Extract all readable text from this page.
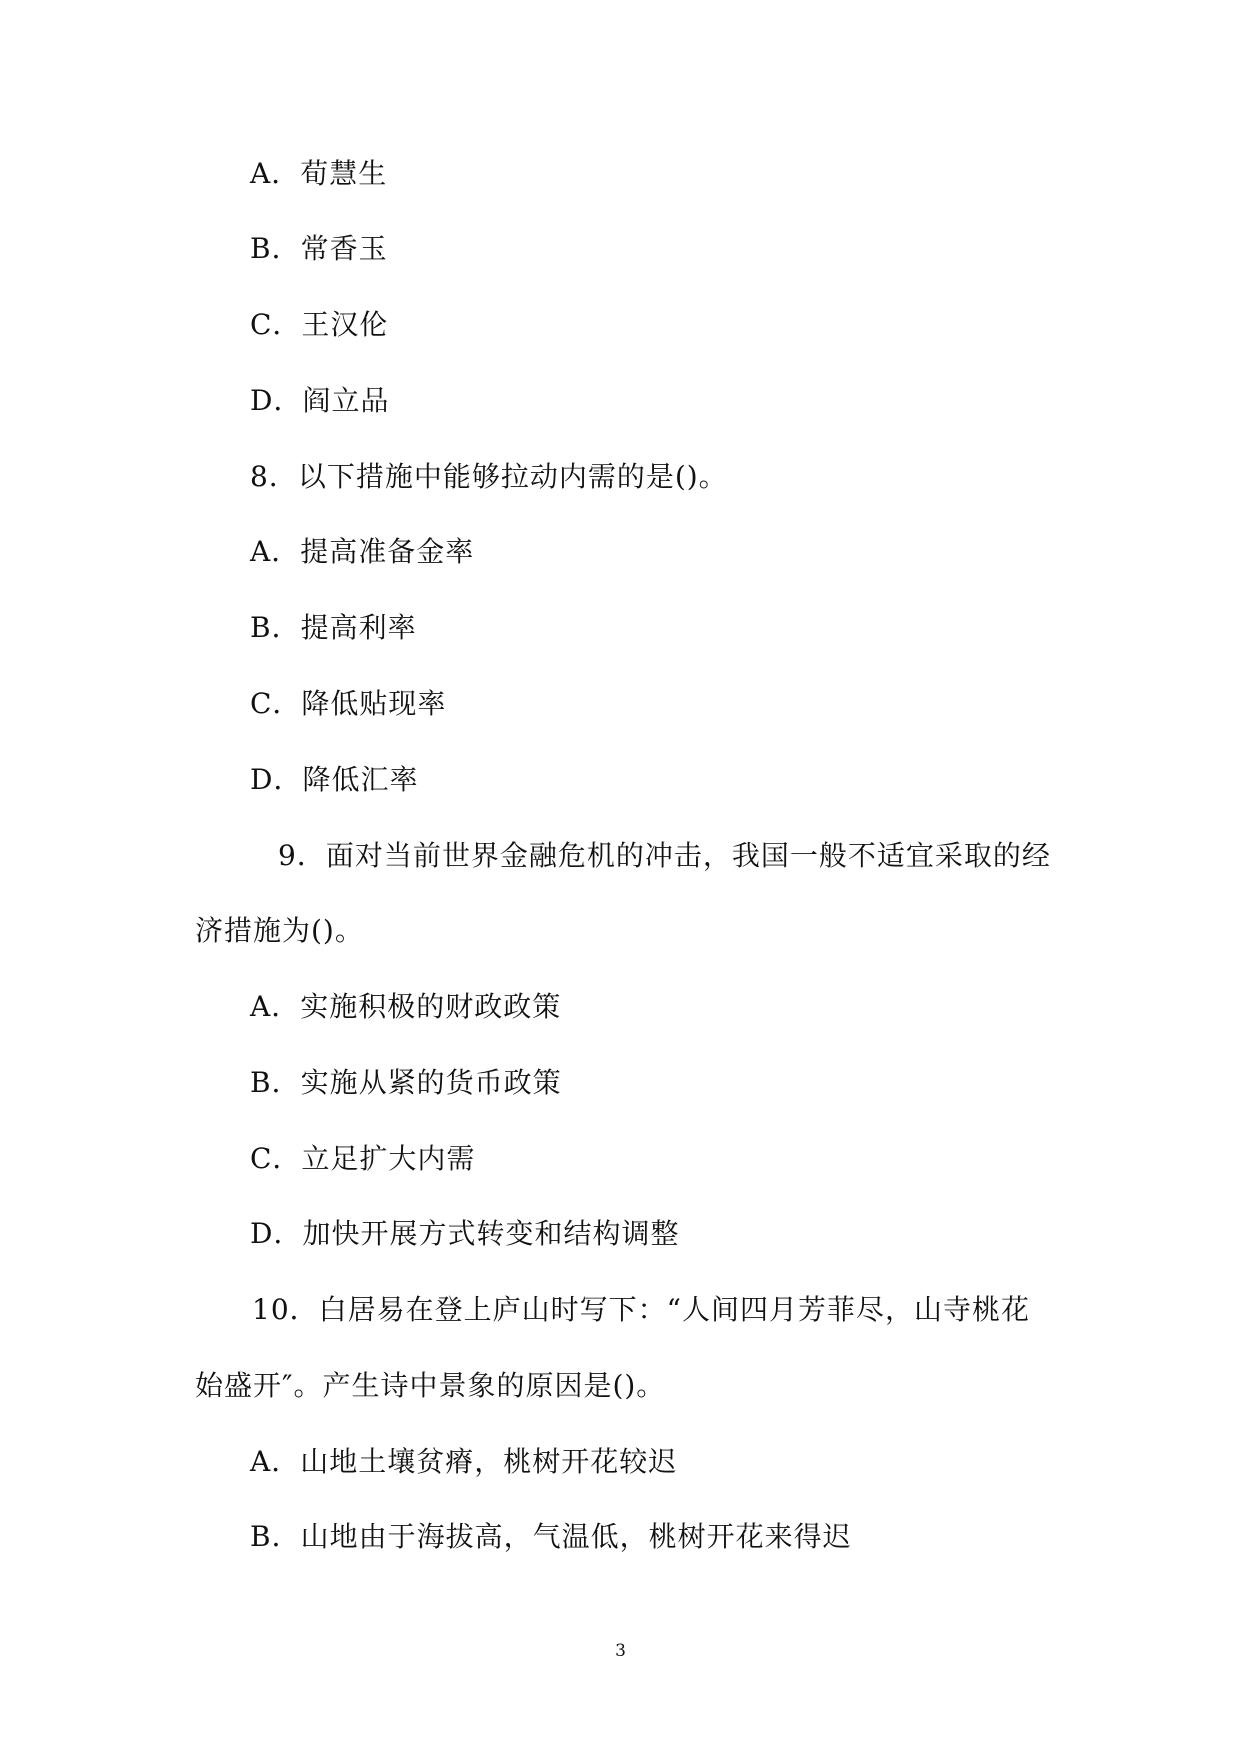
A．荀慧生
B．常香玉
C．王汉伦
D．阎立品
8．以下措施中能够拉动内需的是()。
A．提高准备金率
B．提高利率
C．降低贴现率
D．降低汇率
9．面对当前世界金融危机的冲击，我国一般不适宜采取的经
济措施为()。
A．实施积极的财政政策
B．实施从紧的货币政策
C．立足扩大内需
D．加快开展方式转变和结构调整
10．白居易在登上庐山时写下：“人间四月芳菲尽，山寺桃花
始盛开″。产生诗中景象的原因是()。
A．山地土壤贫瘠，桃树开花较迟
B．山地由于海拔高，气温低，桃树开花来得迟
3
